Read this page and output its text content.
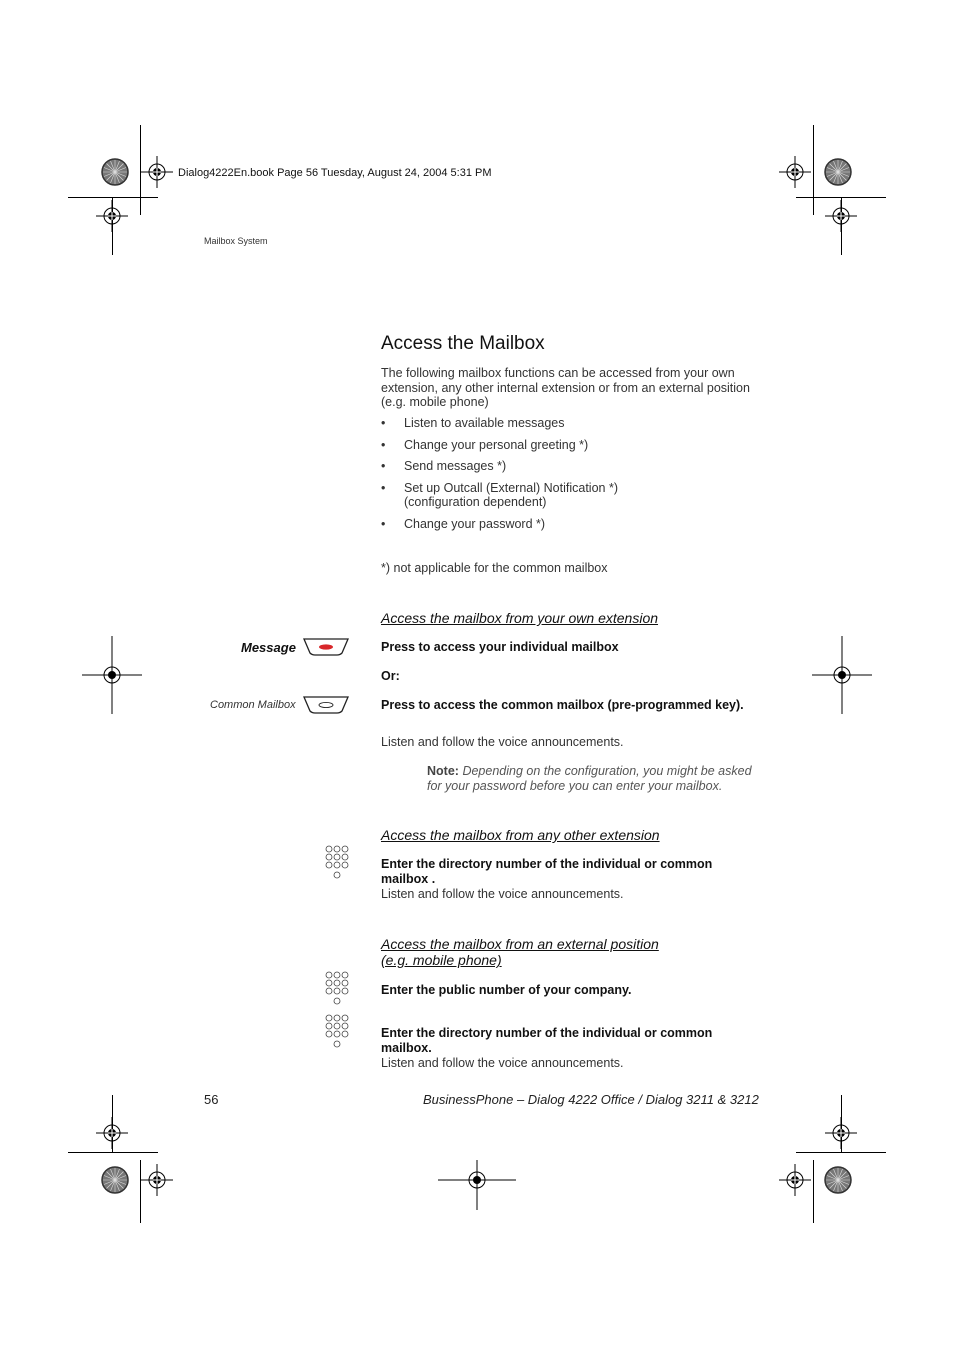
Dialog4222En.book Page 56 Tuesday, August 24, 2004 5:31 PM
Mailbox System
Access the Mailbox
The following mailbox functions can be accessed from your own extension, any other internal extension or from an external position (e.g. mobile phone)
• Listen to available messages
• Change your personal greeting *)
• Send messages *)
• Set up Outcall (External) Notification *) (configuration dependent)
• Change your password *)
*) not applicable for the common mailbox
Access the mailbox from your own extension
Message	Press to access your individual mailbox
Or:
Common Mailbox	Press to access the common mailbox (pre-programmed key).
Listen and follow the voice announcements.
Note: Depending on the configuration, you might be asked for your password before you can enter your mailbox.
Access the mailbox from any other extension
Enter the directory number of the individual or common mailbox .
Listen and follow the voice announcements.
Access the mailbox from an external position
(e.g. mobile phone)
Enter the public number of your company.
Enter the directory number of the individual or common mailbox.
Listen and follow the voice announcements.
56	BusinessPhone – Dialog 4222 Office / Dialog 3211 & 3212
